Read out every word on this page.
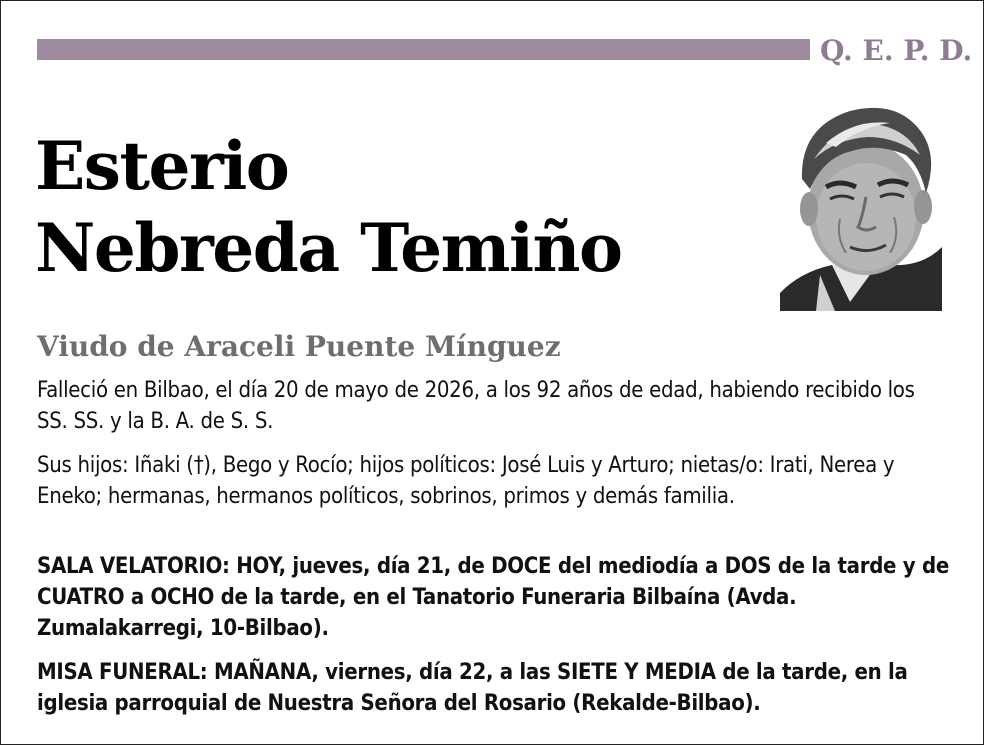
Q. E. P. D.
Esterio
Nebreda Temiño
Viudo de Araceli Puente Mínguez
Falleció en Bilbao, el día 20 de mayo de 2026, a los 92 años de edad, habiendo recibido los SS. SS. y la B. A. de S. S.
Sus hijos: Iñaki (†), Bego y Rocío; hijos políticos: José Luis y Arturo; nietas/o: Irati, Nerea y Eneko; hermanas, hermanos políticos, sobrinos, primos y demás familia.
SALA VELATORIO: HOY, jueves, día 21, de DOCE del mediodía a DOS de la tarde y de CUATRO a OCHO de la tarde, en el Tanatorio Funeraria Bilbaína (Avda. Zumalakarregi, 10-Bilbao).
MISA FUNERAL: MAÑANA, viernes, día 22, a las SIETE Y MEDIA de la tarde, en la iglesia parroquial de Nuestra Señora del Rosario (Rekalde-Bilbao).
